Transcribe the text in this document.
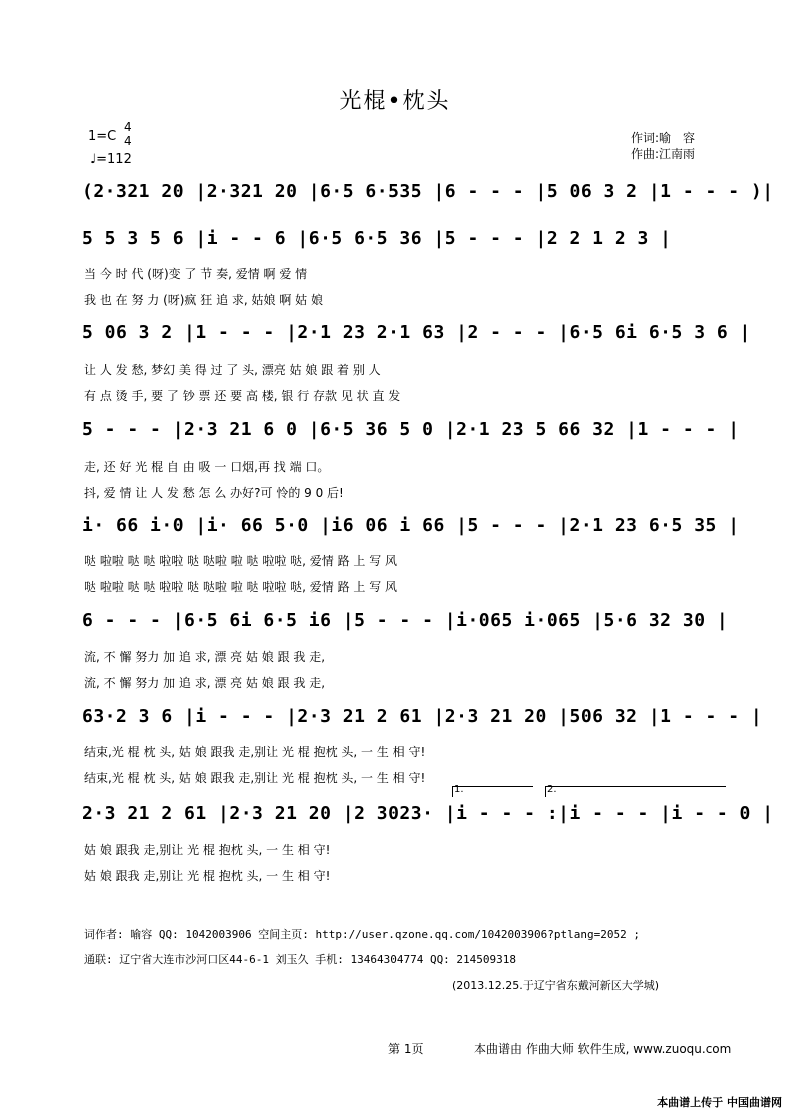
光棍•枕头
1=C
4
4
♩=112
作词:喻　容
作曲:江南雨
(2·321 20 |2·321 20 |6·5 6·535 |6 - - - |5 06 3 2 |1 - - - )|
5 5 3 5 6 |i - - 6 |6·5 6·5 36 |5 - - - |2 2 1 2 3 |
当 今 时 代 (呀)变 了 节 奏, 爱情 啊 爱 情
我 也 在 努 力 (呀)疯 狂 追 求, 姑娘 啊 姑 娘
5 06 3 2 |1 - - - |2·1 23 2·1 63 |2 - - - |6·5 6i 6·5 3 6 |
让 人 发 愁, 梦幻 美 得 过 了 头, 漂亮 姑 娘 跟 着 别 人
有 点 烫 手, 要 了 钞 票 还 要 高 楼, 银 行 存款 见 状 直 发
5 - - - |2·3 21 6 0 |6·5 36 5 0 |2·1 23 5 66 32 |1 - - - |
走, 还 好 光 棍 自 由 吸 一 口烟,再 找 端 口。
抖, 爱 情 让 人 发 愁 怎 么 办好?可 怜的 9 0 后!
i· 66 i·0 |i· 66 5·0 |i6 06 i 66 |5 - - - |2·1 23 6·5 35 |
哒 啦啦 哒 哒 啦啦 哒 哒啦 啦 哒 啦啦 哒, 爱情 路 上 写 风
哒 啦啦 哒 哒 啦啦 哒 哒啦 啦 哒 啦啦 哒, 爱情 路 上 写 风
6 - - - |6·5 6i 6·5 i6 |5 - - - |i·065 i·065 |5·6 32 30 |
流, 不 懈 努力 加 追 求, 漂 亮 姑 娘 跟 我 走,
流, 不 懈 努力 加 追 求, 漂 亮 姑 娘 跟 我 走,
63·2 3 6 |i - - - |2·3 21 2 61 |2·3 21 20 |506 32 |1 - - - |
结束,光 棍 枕 头, 姑 娘 跟我 走,别让 光 棍 抱枕 头, 一 生 相 守!
结束,光 棍 枕 头, 姑 娘 跟我 走,别让 光 棍 抱枕 头, 一 生 相 守!
1.	2.
2·3 21 2 61 |2·3 21 20 |2 3023· |i - - - :|i - - - |i - - 0 |
姑 娘 跟我 走,别让 光 棍 抱枕 头, 一 生 相 守!
姑 娘 跟我 走,别让 光 棍 抱枕 头, 一 生 相 守!
词作者: 喻容 QQ: 1042003906 空间主页: http://user.qzone.qq.com/1042003906?ptlang=2052 ;
通联: 辽宁省大连市沙河口区44-6-1 刘玉久 手机: 13464304774 QQ: 214509318
(2013.12.25.于辽宁省东戴河新区大学城)
第 1页	本曲谱由 作曲大师 软件生成, www.zuoqu.com
本曲谱上传于 中国曲谱网
